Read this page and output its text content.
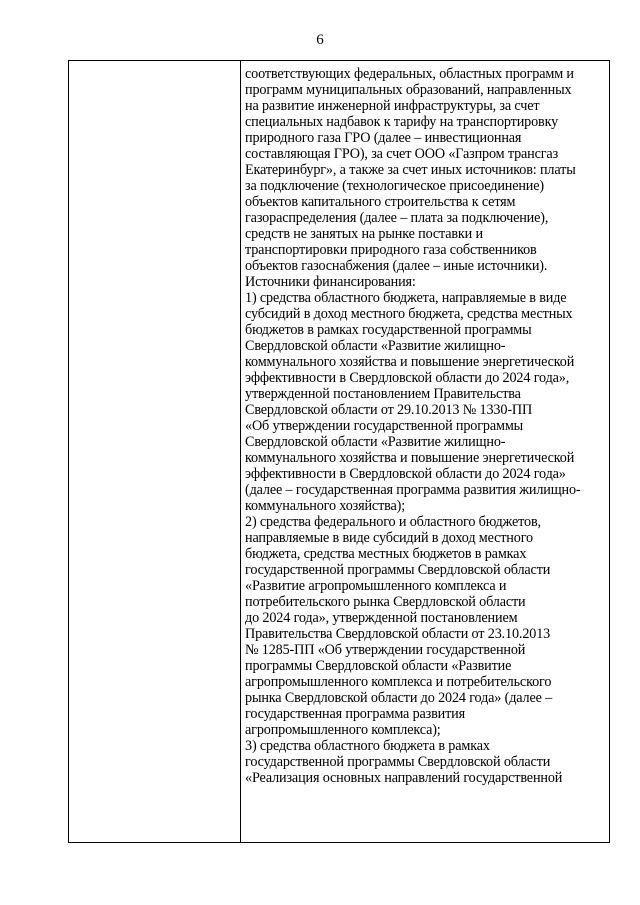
6
соответствующих федеральных, областных программ и
программ муниципальных образований, направленных
на развитие инженерной инфраструктуры, за счет
специальных надбавок к тарифу на транспортировку
природного газа ГРО (далее – инвестиционная
составляющая ГРО), за счет ООО «Газпром трансгаз
Екатеринбург», а также за счет иных источников: платы
за подключение (технологическое присоединение)
объектов капитального строительства к сетям
газораспределения (далее – плата за подключение),
средств не занятых на рынке поставки и
транспортировки природного газа собственников
объектов газоснабжения (далее – иные источники).
Источники финансирования:
1) средства областного бюджета, направляемые в виде
субсидий в доход местного бюджета, средства местных
бюджетов в рамках государственной программы
Свердловской области «Развитие жилищно-
коммунального хозяйства и повышение энергетической
эффективности в Свердловской области до 2024 года»,
утвержденной постановлением Правительства
Свердловской области от 29.10.2013 № 1330-ПП
«Об утверждении государственной программы
Свердловской области «Развитие жилищно-
коммунального хозяйства и повышение энергетической
эффективности в Свердловской области до 2024 года»
(далее – государственная программа развития жилищно-
коммунального хозяйства);
2) средства федерального и областного бюджетов,
направляемые в виде субсидий в доход местного
бюджета, средства местных бюджетов в рамках
государственной программы Свердловской области
«Развитие агропромышленного комплекса и
потребительского рынка Свердловской области
до 2024 года», утвержденной постановлением
Правительства Свердловской области от 23.10.2013
№ 1285-ПП «Об утверждении государственной
программы Свердловской области «Развитие
агропромышленного комплекса и потребительского
рынка Свердловской области до 2024 года» (далее –
государственная программа развития
агропромышленного комплекса);
3) средства областного бюджета в рамках
государственной программы Свердловской области
«Реализация основных направлений государственной
